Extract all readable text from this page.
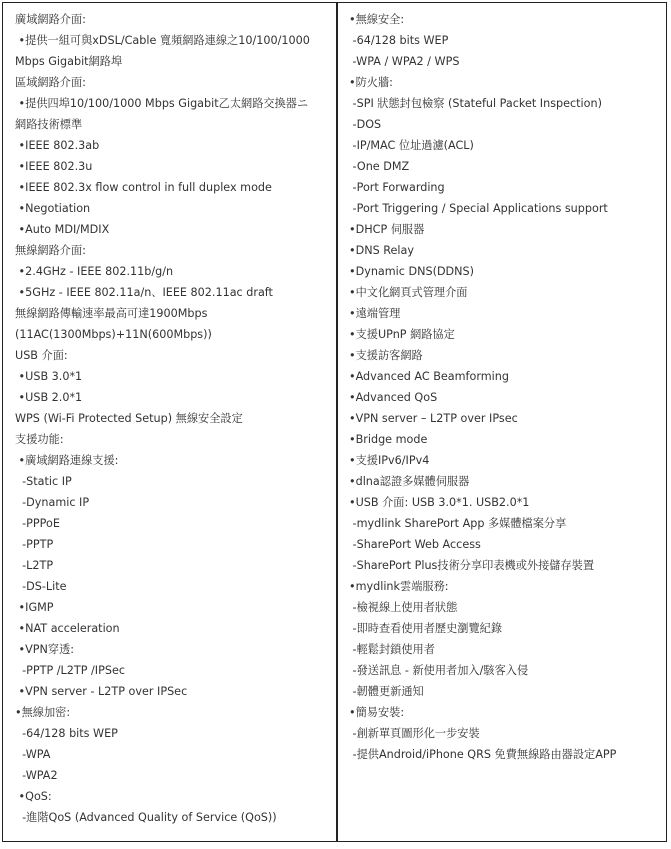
廣域網路介面:
•提供一組可與xDSL/Cable 寬頻網路連線之10/100/1000
Mbps Gigabit網路埠
區域網路介面:
•提供四埠10/100/1000 Mbps Gigabit乙太網路交換器ニ
網路技術標準
•IEEE 802.3ab
•IEEE 802.3u
•IEEE 802.3x flow control in full duplex mode
•Negotiation
•Auto MDI/MDIX
無線網路介面:
•2.4GHz - IEEE 802.11b/g/n
•5GHz - IEEE 802.11a/n、IEEE 802.11ac draft
無線網路傳輸速率最高可達1900Mbps
(11AC(1300Mbps)+11N(600Mbps))
USB 介面:
•USB 3.0*1
•USB 2.0*1
WPS (Wi-Fi Protected Setup) 無線安全設定
支援功能:
•廣域網路連線支援:
-Static IP
-Dynamic IP
-PPPoE
-PPTP
-L2TP
-DS-Lite
•IGMP
•NAT acceleration
•VPN穿透:
-PPTP /L2TP /IPSec
•VPN server - L2TP over IPSec
•無線加密:
-64/128 bits WEP
-WPA
-WPA2
•QoS:
-進階QoS (Advanced Quality of Service (QoS))
•無線安全:
-64/128 bits WEP
-WPA / WPA2 / WPS
•防火牆:
-SPI 狀態封包檢察 (Stateful Packet Inspection)
-DOS
-IP/MAC 位址過濾(ACL)
-One DMZ
-Port Forwarding
-Port Triggering / Special Applications support
•DHCP 伺服器
•DNS Relay
•Dynamic DNS(DDNS)
•中文化網頁式管理介面
•遠端管理
•支援UPnP 網路協定
•支援訪客網路
•Advanced AC Beamforming
•Advanced QoS
•VPN server – L2TP over IPsec
•Bridge mode
•支援IPv6/IPv4
•dlna認證多媒體伺服器
•USB 介面: USB 3.0*1. USB2.0*1
-mydlink SharePort App 多媒體檔案分享
-SharePort Web Access
-SharePort Plus技術分享印表機或外接儲存裝置
•mydlink雲端服務:
-檢視線上使用者狀態
-即時查看使用者歷史瀏覽紀錄
-輕鬆封鎖使用者
-發送訊息 - 新使用者加入/駭客入侵
-韌體更新通知
•簡易安裝:
-創新單頁圖形化一步安裝
-提供Android/iPhone QRS 免費無線路由器設定APP
